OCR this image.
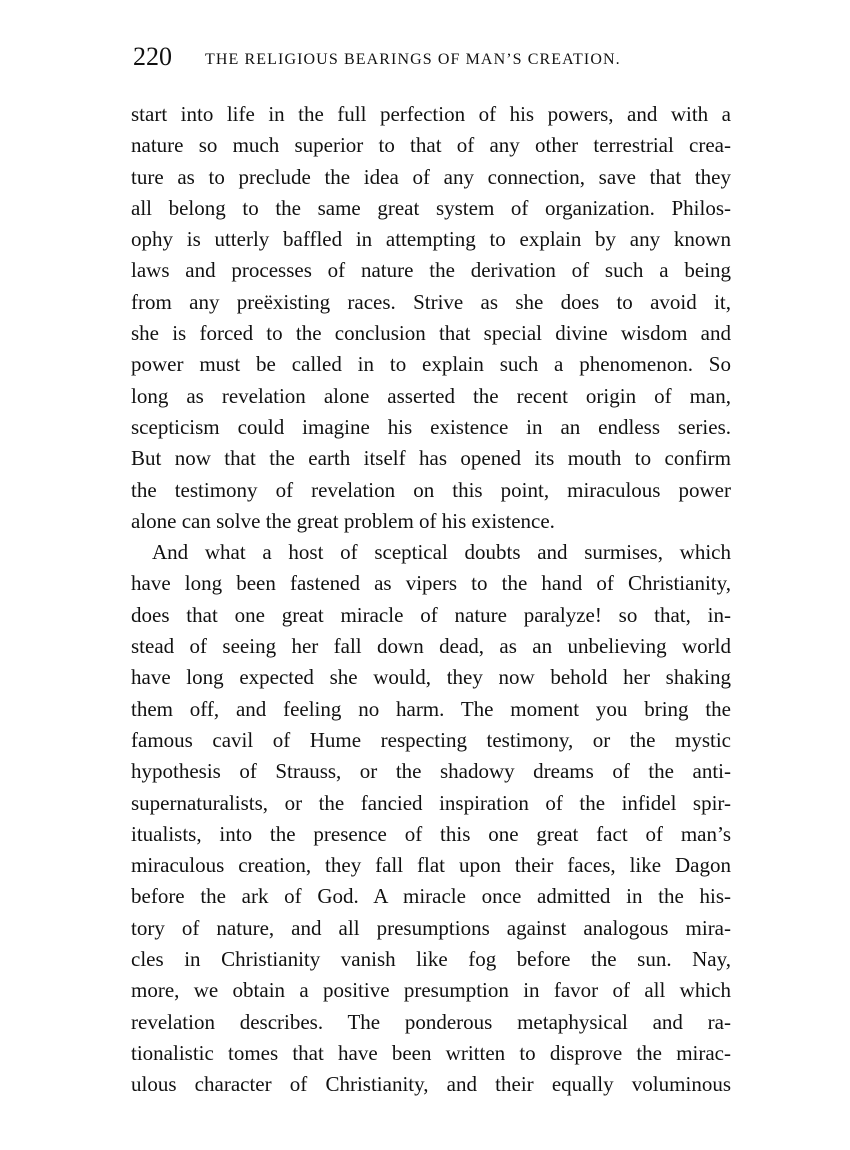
220 THE RELIGIOUS BEARINGS OF MAN’S CREATION.
start into life in the full perfection of his powers, and with a
nature so much superior to that of any other terrestrial crea-
ture as to preclude the idea of any connection, save that they
all belong to the same great system of organization. Philos-
ophy is utterly baffled in attempting to explain by any known
laws and processes of nature the derivation of such a being
from any preëxisting races. Strive as she does to avoid it,
she is forced to the conclusion that special divine wisdom and
power must be called in to explain such a phenomenon. So
long as revelation alone asserted the recent origin of man,
scepticism could imagine his existence in an endless series.
But now that the earth itself has opened its mouth to confirm
the testimony of revelation on this point, miraculous power
alone can solve the great problem of his existence.
And what a host of sceptical doubts and surmises, which
have long been fastened as vipers to the hand of Christianity,
does that one great miracle of nature paralyze! so that, in-
stead of seeing her fall down dead, as an unbelieving world
have long expected she would, they now behold her shaking
them off, and feeling no harm. The moment you bring the
famous cavil of Hume respecting testimony, or the mystic
hypothesis of Strauss, or the shadowy dreams of the anti-
supernaturalists, or the fancied inspiration of the infidel spir-
itualists, into the presence of this one great fact of man’s
miraculous creation, they fall flat upon their faces, like Dagon
before the ark of God. A miracle once admitted in the his-
tory of nature, and all presumptions against analogous mira-
cles in Christianity vanish like fog before the sun. Nay,
more, we obtain a positive presumption in favor of all which
revelation describes. The ponderous metaphysical and ra-
tionalistic tomes that have been written to disprove the mirac-
ulous character of Christianity, and their equally voluminous
